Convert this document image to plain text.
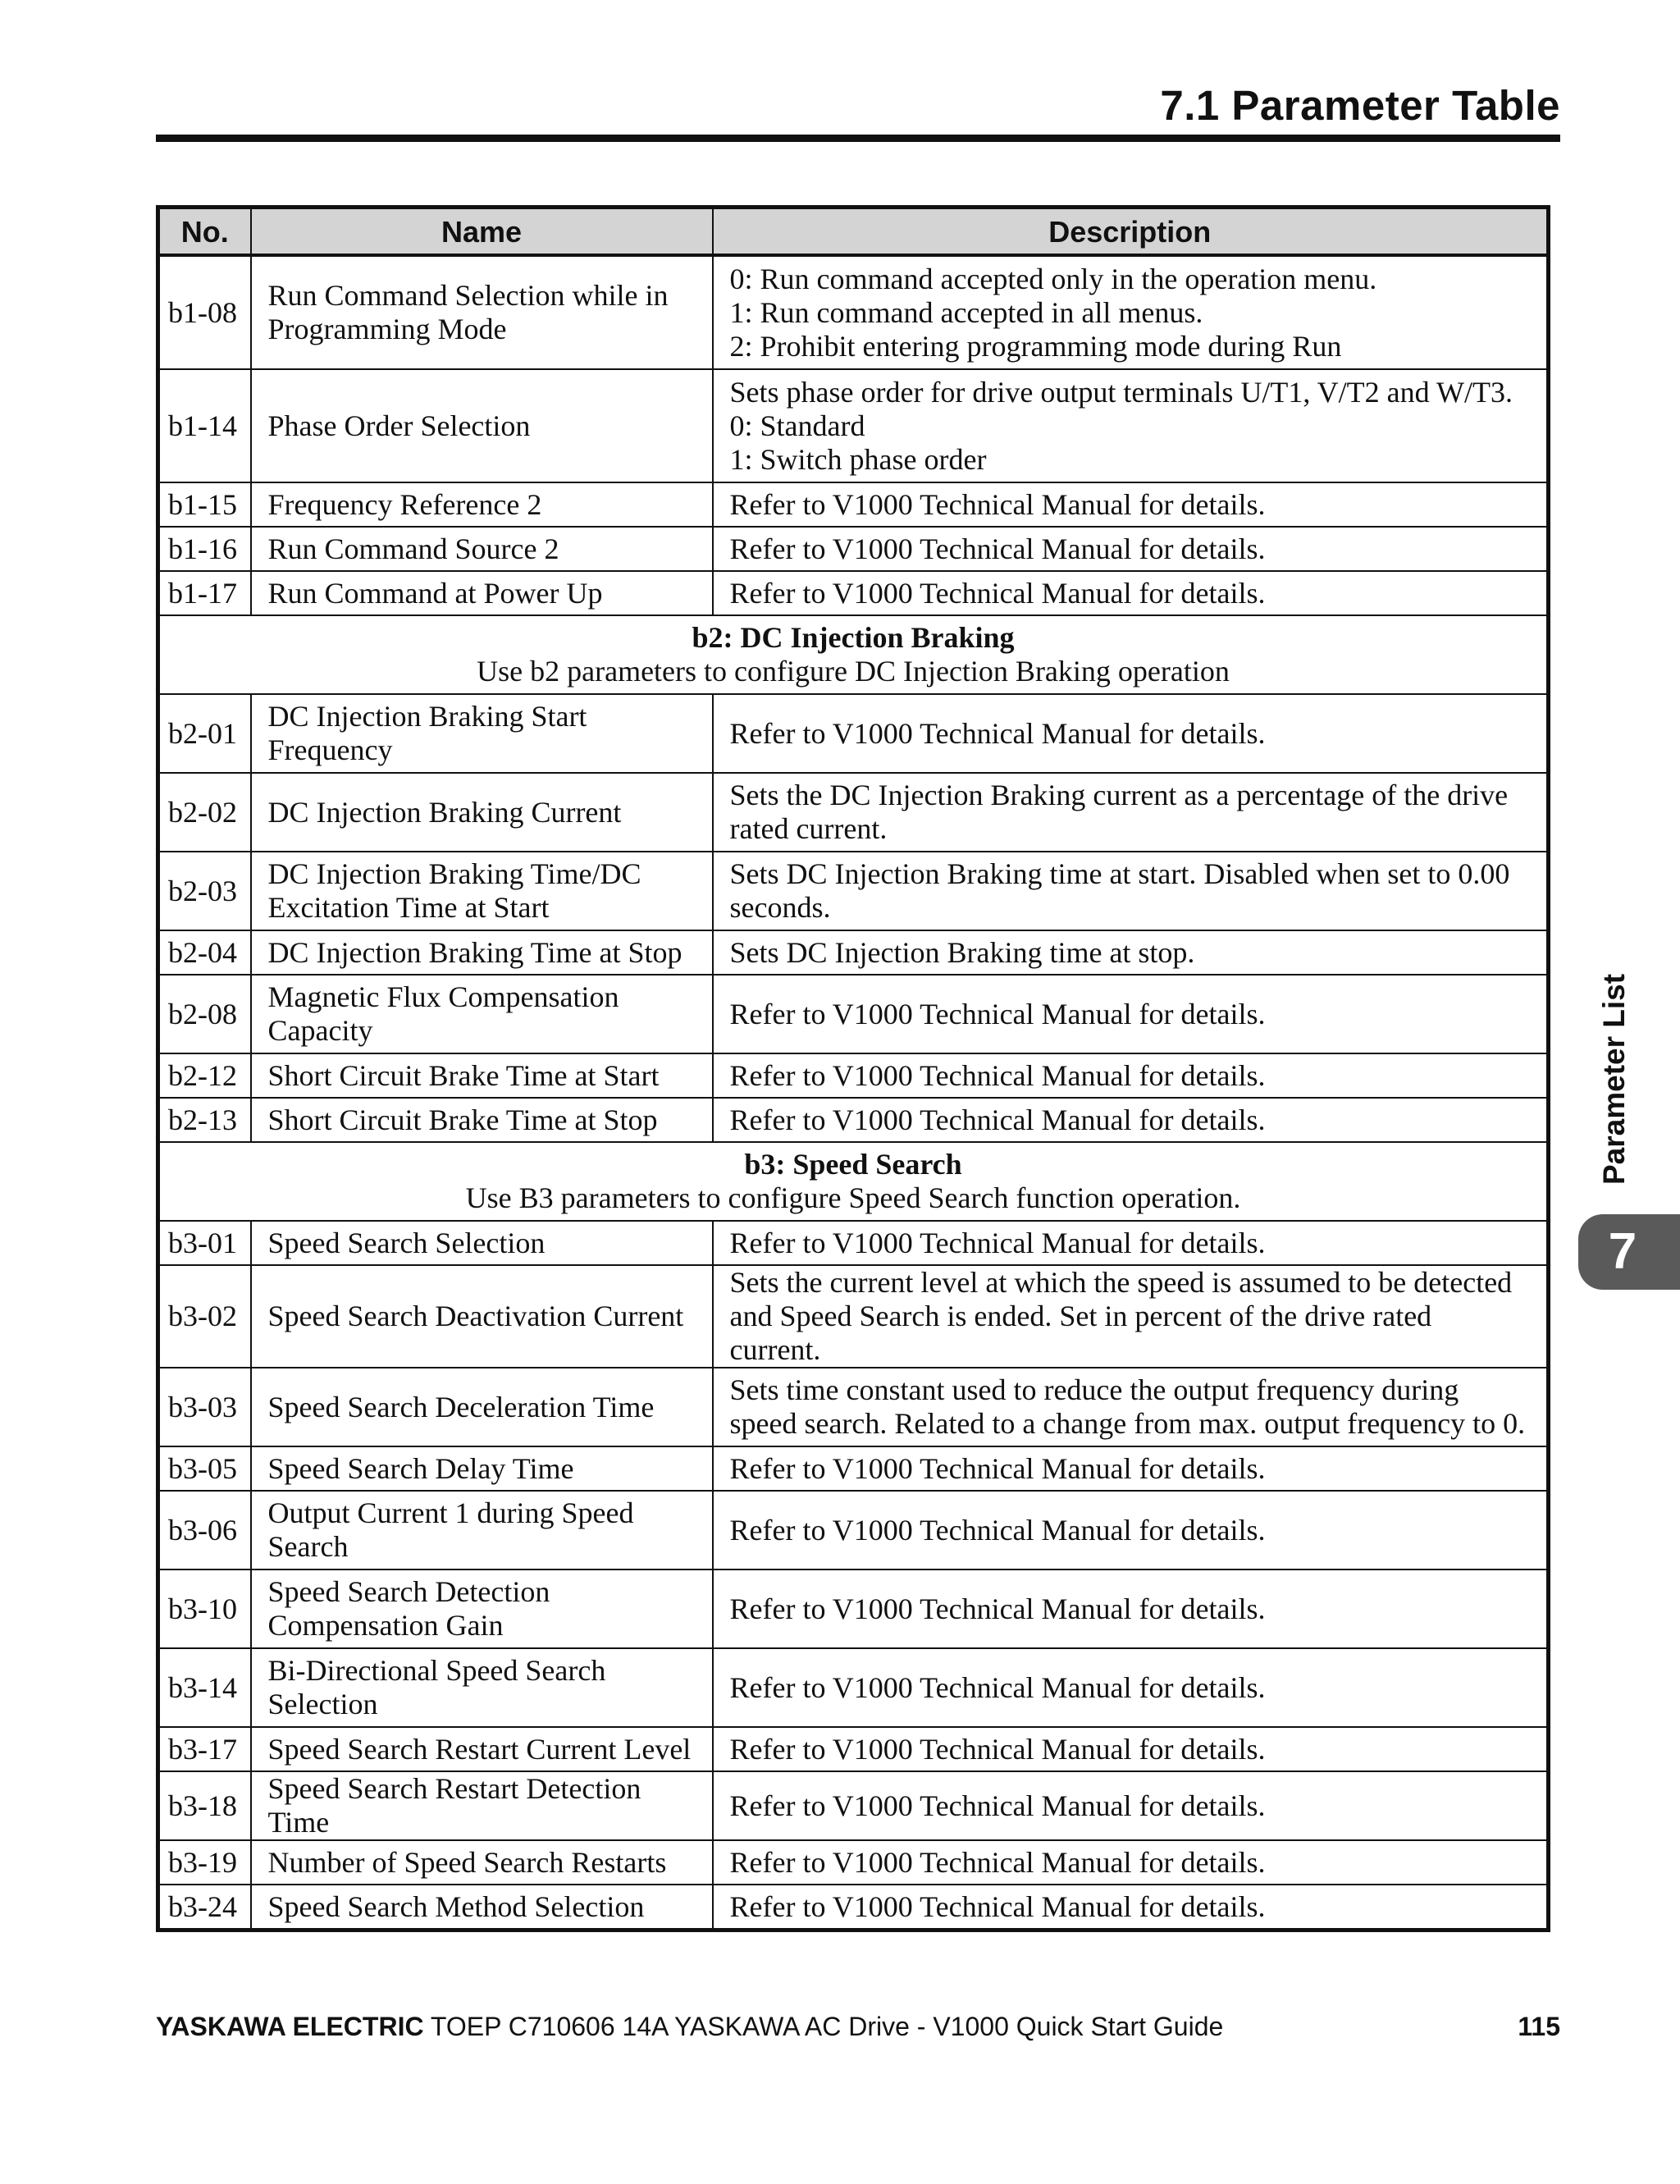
7.1 Parameter Table
No.	Name	Description
b1-08	Run Command Selection while in Programming Mode	0: Run command accepted only in the operation menu.
1: Run command accepted in all menus.
2: Prohibit entering programming mode during Run

b1-14	Phase Order Selection	Sets phase order for drive output terminals U/T1, V/T2 and W/T3.
0: Standard
1: Switch phase order

b1-15	Frequency Reference 2	Refer to V1000 Technical Manual for details.

b1-16	Run Command Source 2	Refer to V1000 Technical Manual for details.

b1-17	Run Command at Power Up	Refer to V1000 Technical Manual for details.

b2: DC Injection Braking
Use b2 parameters to configure DC Injection Braking operation		

b2-01	DC Injection Braking Start Frequency	Refer to V1000 Technical Manual for details.

b2-02	DC Injection Braking Current	Sets the DC Injection Braking current as a percentage of the drive rated current.

b2-03	DC Injection Braking Time/DC Excitation Time at Start	Sets DC Injection Braking time at start. Disabled when set to 0.00 seconds.

b2-04	DC Injection Braking Time at Stop	Sets DC Injection Braking time at stop.

b2-08	Magnetic Flux Compensation Capacity	Refer to V1000 Technical Manual for details.

b2-12	Short Circuit Brake Time at Start	Refer to V1000 Technical Manual for details.

b2-13	Short Circuit Brake Time at Stop	Refer to V1000 Technical Manual for details.

b3: Speed Search
Use B3 parameters to configure Speed Search function operation.		

b3-01	Speed Search Selection	Refer to V1000 Technical Manual for details.

b3-02	Speed Search Deactivation Current	Sets the current level at which the speed is assumed to be detected and Speed Search is ended. Set in percent of the drive rated current.

b3-03	Speed Search Deceleration Time	Sets time constant used to reduce the output frequency during speed search. Related to a change from max. output frequency to 0.

b3-05	Speed Search Delay Time	Refer to V1000 Technical Manual for details.

b3-06	Output Current 1 during Speed Search	Refer to V1000 Technical Manual for details.

b3-10	Speed Search Detection Compensation Gain	Refer to V1000 Technical Manual for details.

b3-14	Bi-Directional Speed Search Selection	Refer to V1000 Technical Manual for details.

b3-17	Speed Search Restart Current Level	Refer to V1000 Technical Manual for details.

b3-18	Speed Search Restart Detection Time	Refer to V1000 Technical Manual for details.

b3-19	Number of Speed Search Restarts	Refer to V1000 Technical Manual for details.

b3-24	Speed Search Method Selection	Refer to V1000 Technical Manual for details.
Parameter List
7
YASKAWA ELECTRIC TOEP C710606 14A YASKAWA AC Drive - V1000 Quick Start Guide	115
